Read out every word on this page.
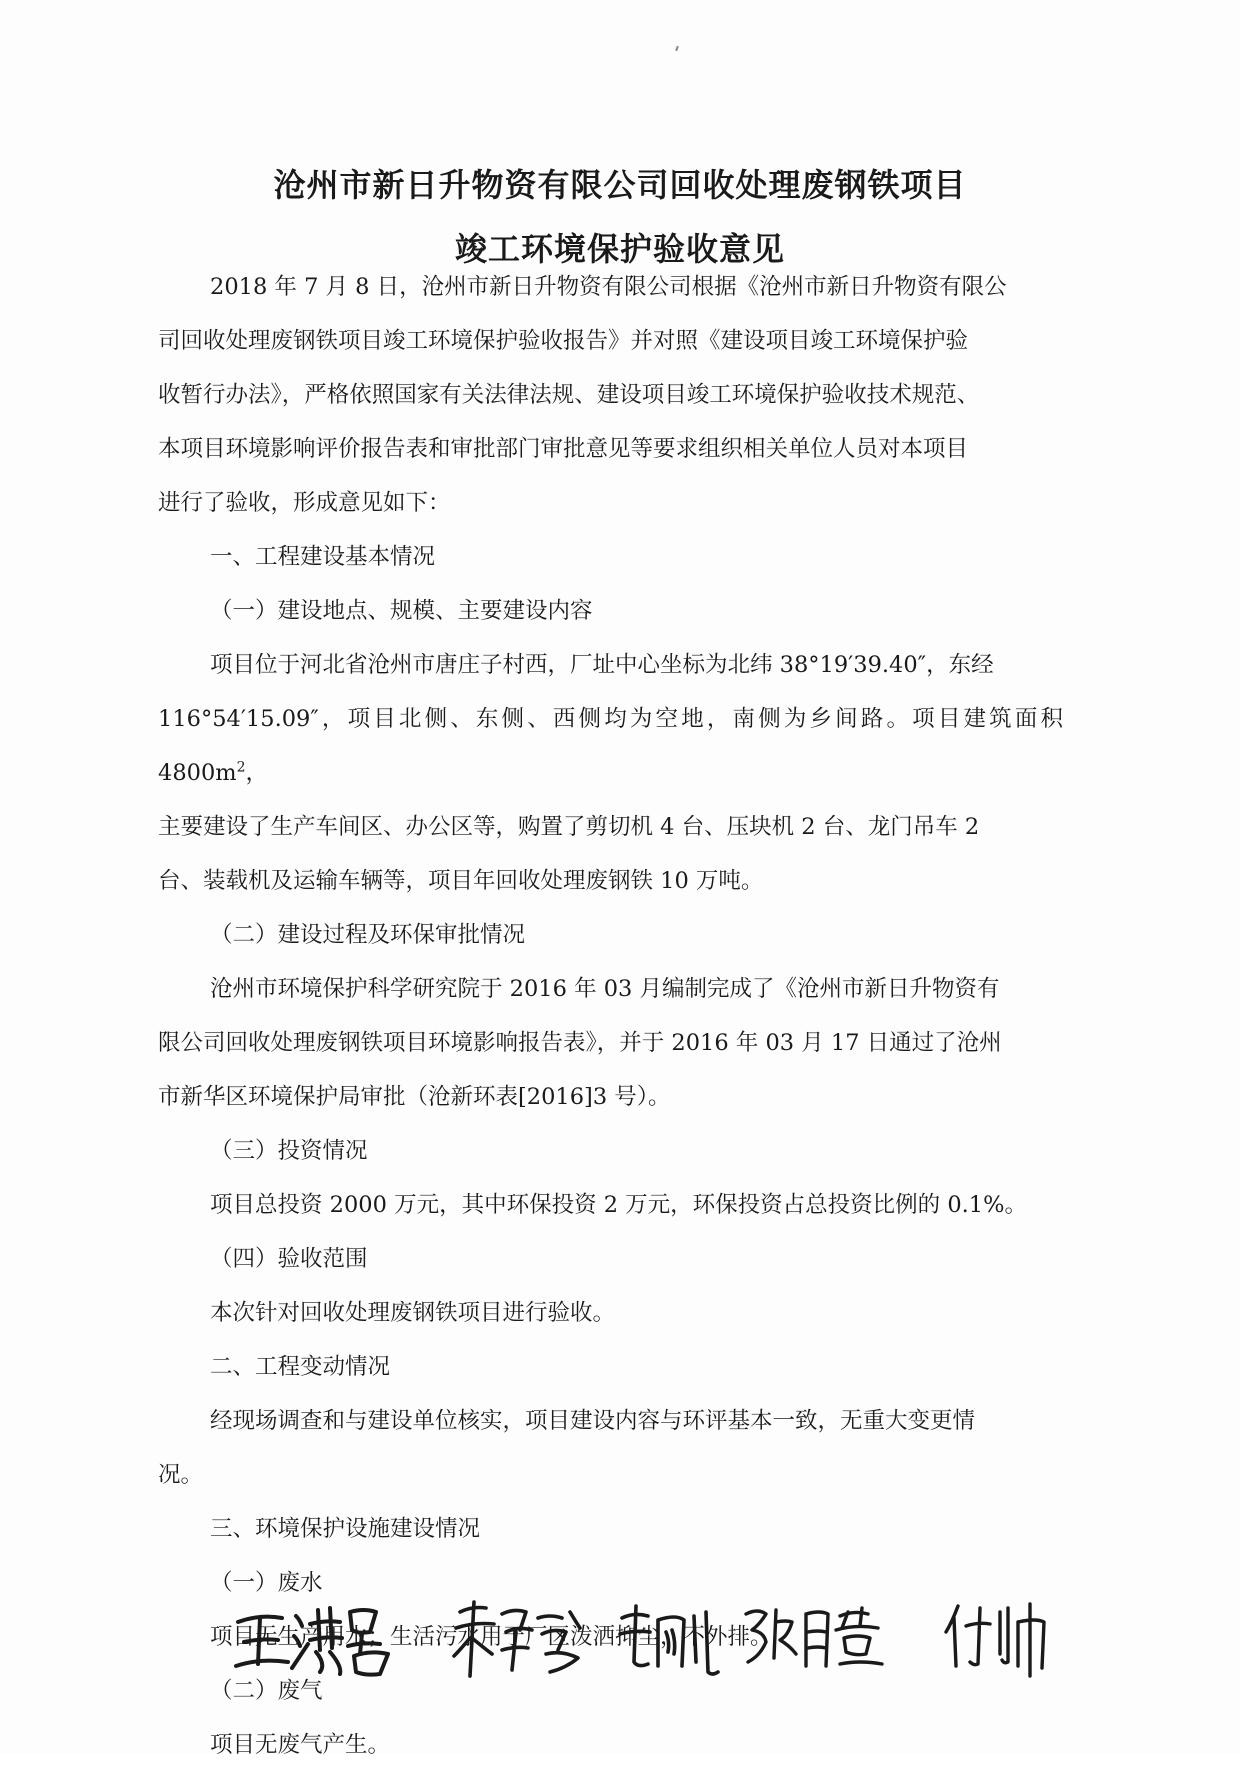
沧州市新日升物资有限公司回收处理废钢铁项目
竣工环境保护验收意见

2018 年 7 月 8 日，沧州市新日升物资有限公司根据《沧州市新日升物资有限公

司回收处理废钢铁项目竣工环境保护验收报告》并对照《建设项目竣工环境保护验

收暂行办法》，严格依照国家有关法律法规、建设项目竣工环境保护验收技术规范、

本项目环境影响评价报告表和审批部门审批意见等要求组织相关单位人员对本项目

进行了验收，形成意见如下：

一、工程建设基本情况

（一）建设地点、规模、主要建设内容

项目位于河北省沧州市唐庄子村西，厂址中心坐标为北纬 38°19′39.40″，东经

116°54′15.09″，项目北侧、东侧、西侧均为空地，南侧为乡间路。项目建筑面积 $4800m^2$，

主要建设了生产车间区、办公区等，购置了剪切机 4 台、压块机 2 台、龙门吊车 2

台、装载机及运输车辆等，项目年回收处理废钢铁 10 万吨。

（二）建设过程及环保审批情况

沧州市环境保护科学研究院于 2016 年 03 月编制完成了《沧州市新日升物资有

限公司回收处理废钢铁项目环境影响报告表》，并于 2016 年 03 月 17 日通过了沧州

市新华区环境保护局审批（沧新环表[2016]3 号）。

（三）投资情况

项目总投资 2000 万元，其中环保投资 2 万元，环保投资占总投资比例的 0.1%。

（四）验收范围

本次针对回收处理废钢铁项目进行验收。

二、工程变动情况

经现场调查和与建设单位核实，项目建设内容与环评基本一致，无重大变更情

况。

三、环境保护设施建设情况

（一）废水

项目无生产用水；生活污水用于厂区泼洒抑尘，不外排。

（二）废气

项目无废气产生。
